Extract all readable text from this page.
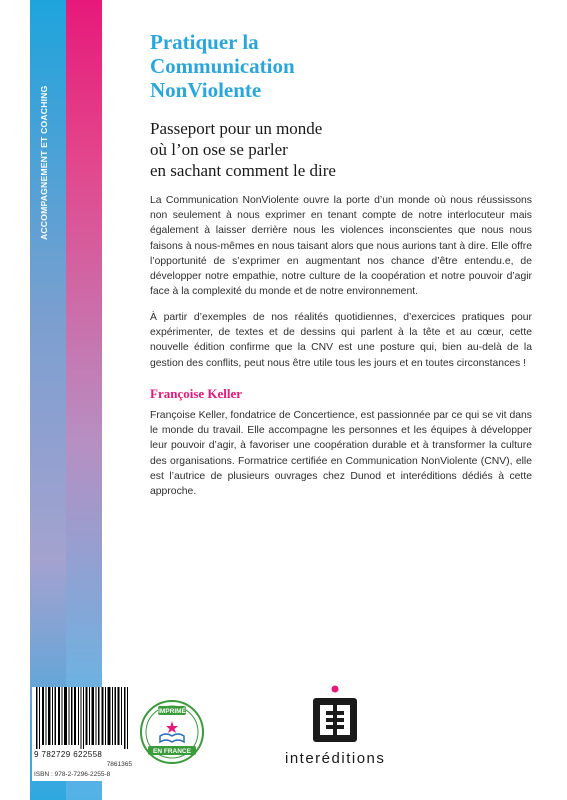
ACCOMPAGNEMENT ET COACHING
Pratiquer la
Communication
NonViolente
Passeport pour un monde
où l’on ose se parler
en sachant comment le dire

La Communication NonViolente ouvre la porte d’un monde où nous réussissons non seulement à nous exprimer en tenant compte de notre interlocuteur mais également à laisser derrière nous les violences inconscientes que nous nous faisons à nous-mêmes en nous taisant alors que nous aurions tant à dire. Elle offre l’opportunité de s’exprimer en augmentant nos chance d’être entendu.e, de développer notre empathie, notre culture de la coopération et notre pouvoir d’agir face à la complexité du monde et de notre environnement.

À partir d’exemples de nos réalités quotidiennes, d’exercices pratiques pour expérimenter, de textes et de dessins qui parlent à la tête et au cœur, cette nouvelle édition confirme que la CNV est une posture qui, bien au-delà de la gestion des conflits, peut nous être utile tous les jours et en toutes circonstances !

Françoise Keller

Françoise Keller, fondatrice de Concertience, est passionnée par ce qui se vit dans le monde du travail. Elle accompagne les personnes et les équipes à développer leur pouvoir d’agir, à favoriser une coopération durable et à transformer la culture des organisations. Formatrice certifiée en Communication NonViolente (CNV), elle est l’autrice de plusieurs ouvrages chez Dunod et interéditions dédiés à cette approche.

9 782729 622558
7861365
ISBN : 978-2-7296-2255-8
IMPRIMÉ
EN FRANCE	interéditions
